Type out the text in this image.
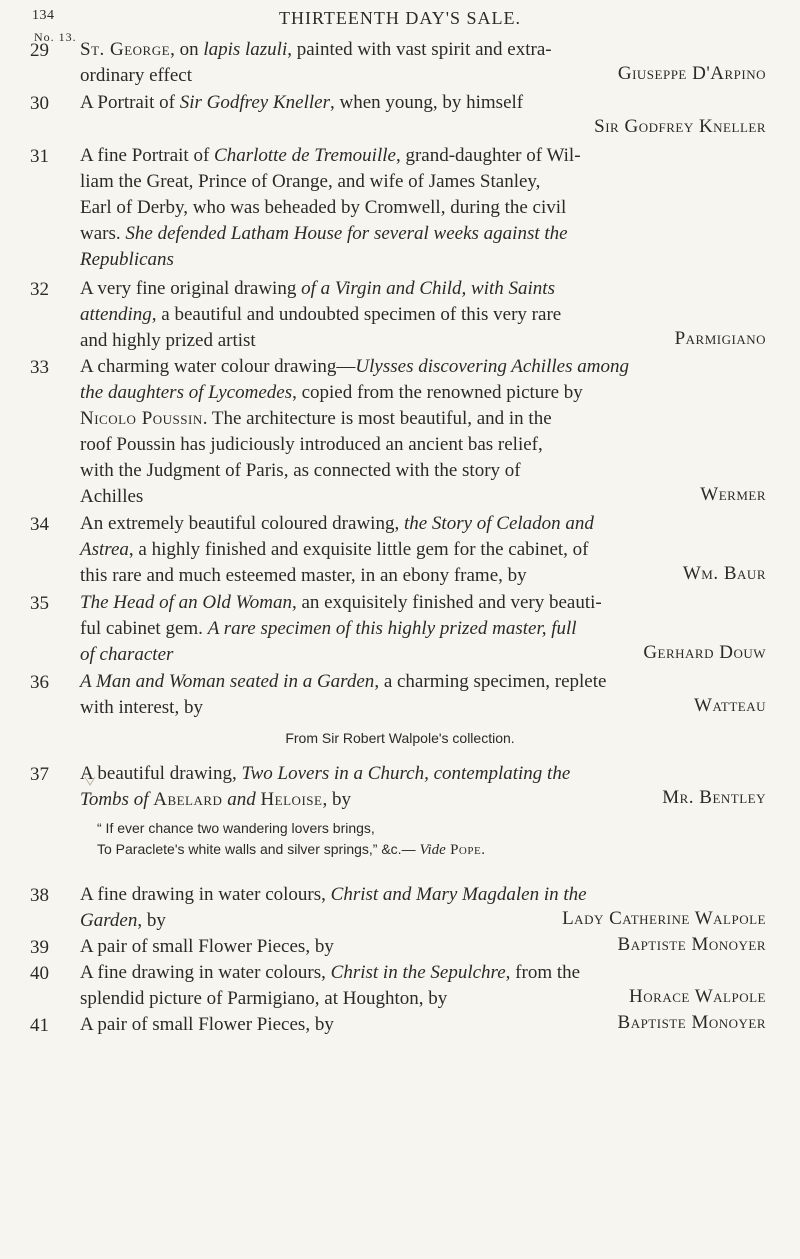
134	THIRTEENTH DAY'S SALE.
No. 13.
29	St. George, on lapis lazuli, painted with vast spirit and extra-
ordinary effect	Giuseppe D'Arpino
30	A Portrait of Sir Godfrey Kneller, when young, by himself
Sir Godfrey Kneller
31	A fine Portrait of Charlotte de Tremouille, grand-daughter of Wil-
liam the Great, Prince of Orange, and wife of James Stanley,
Earl of Derby, who was beheaded by Cromwell, during the civil
wars. She defended Latham House for several weeks against the
Republicans
32	A very fine original drawing of a Virgin and Child, with Saints
attending, a beautiful and undoubted specimen of this very rare
and highly prized artist	Parmigiano
33	A charming water colour drawing—Ulysses discovering Achilles among
the daughters of Lycomedes, copied from the renowned picture by
Nicolo Poussin. The architecture is most beautiful, and in the
roof Poussin has judiciously introduced an ancient bas relief,
with the Judgment of Paris, as connected with the story of
Achilles	Wermer
34	An extremely beautiful coloured drawing, the Story of Celadon and
Astrea, a highly finished and exquisite little gem for the cabinet, of
this rare and much esteemed master, in an ebony frame, by	Wm. Baur
35	The Head of an Old Woman, an exquisitely finished and very beauti-
ful cabinet gem. A rare specimen of this highly prized master, full
of character	Gerhard Douw
36	A Man and Woman seated in a Garden, a charming specimen, replete
with interest, by	Watteau
From Sir Robert Walpole's collection.
37	A beautiful drawing, Two Lovers in a Church, contemplating the
Tombs of Abelard and Heloise, by	Mr. Bentley
“ If ever chance two wandering lovers brings,
To Paraclete's white walls and silver springs,” &c.— Vide Pope.
38	A fine drawing in water colours, Christ and Mary Magdalen in the
Garden, by	Lady Catherine Walpole
39	A pair of small Flower Pieces, by	Baptiste Monoyer
40	A fine drawing in water colours, Christ in the Sepulchre, from the
splendid picture of Parmigiano, at Houghton, by	Horace Walpole
41	A pair of small Flower Pieces, by	Baptiste Monoyer
